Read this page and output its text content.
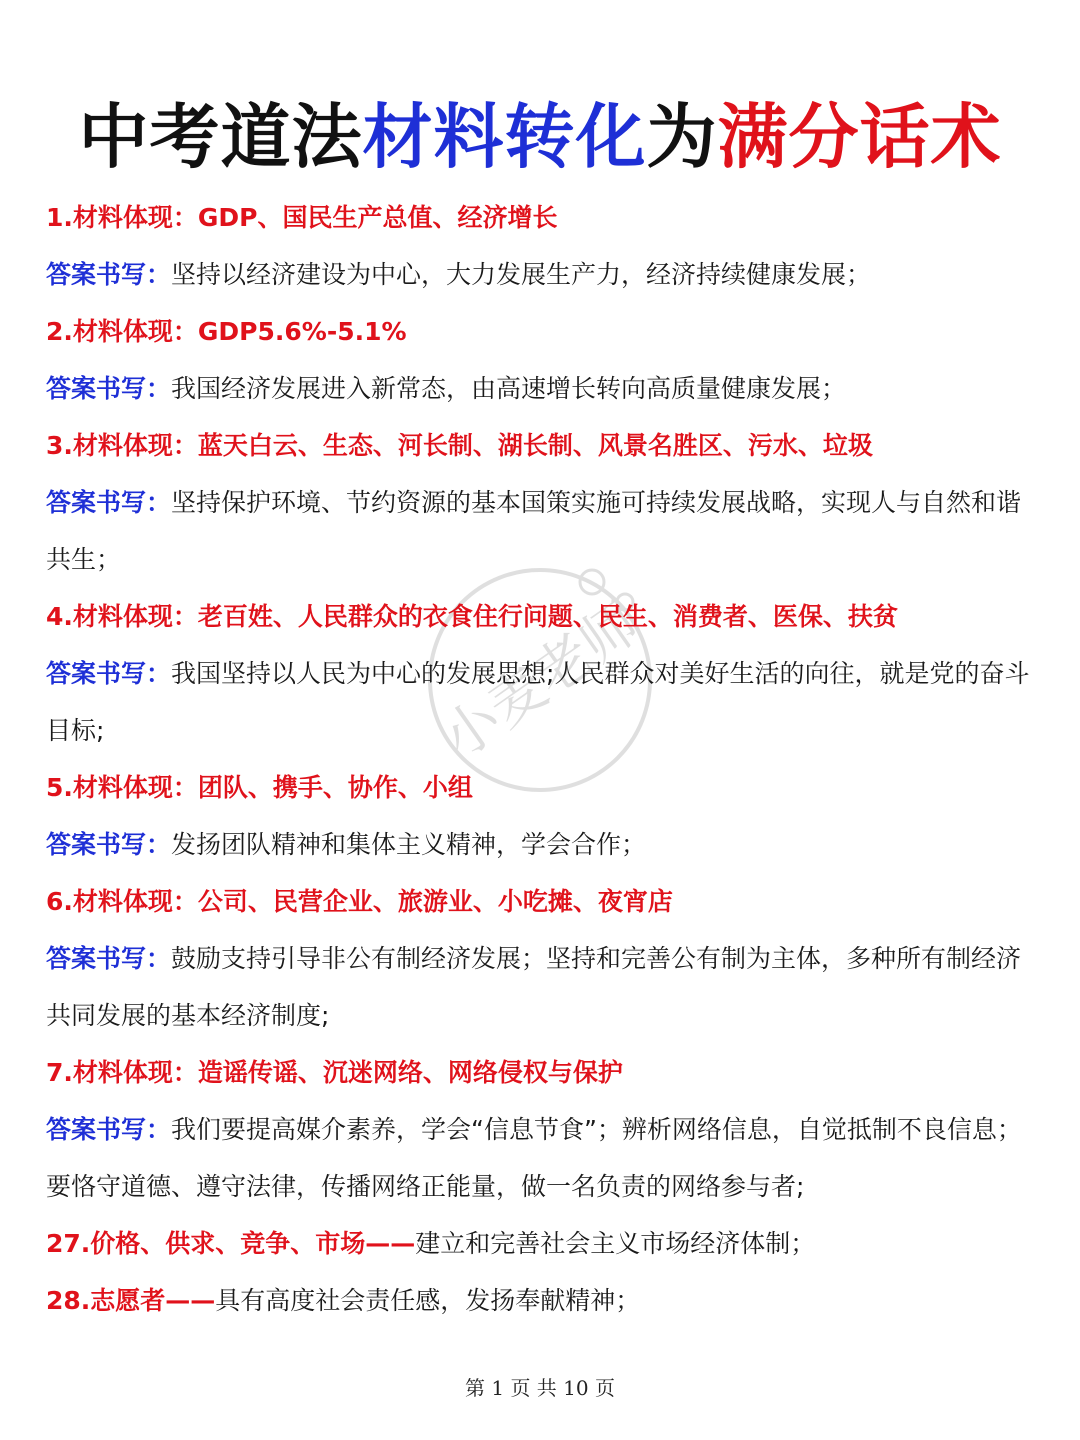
中考道法材料转化为满分话术
小麦老师
1.材料体现：GDP、国民生产总值、经济增长
答案书写：坚持以经济建设为中心，大力发展生产力，经济持续健康发展；
2.材料体现：GDP5.6%-5.1%
答案书写：我国经济发展进入新常态，由高速增长转向高质量健康发展；
3.材料体现：蓝天白云、生态、河长制、湖长制、风景名胜区、污水、垃圾
答案书写：坚持保护环境、节约资源的基本国策实施可持续发展战略，实现人与自然和谐
共生；
4.材料体现：老百姓、人民群众的衣食住行问题、民生、消费者、医保、扶贫
答案书写：我国坚持以人民为中心的发展思想;人民群众对美好生活的向往，就是党的奋斗
目标;
5.材料体现：团队、携手、协作、小组
答案书写：发扬团队精神和集体主义精神，学会合作；
6.材料体现：公司、民营企业、旅游业、小吃摊、夜宵店
答案书写：鼓励支持引导非公有制经济发展；坚持和完善公有制为主体，多种所有制经济
共同发展的基本经济制度;
7.材料体现：造谣传谣、沉迷网络、网络侵权与保护
答案书写：我们要提高媒介素养，学会“信息节食”；辨析网络信息，自觉抵制不良信息；
要恪守道德、遵守法律，传播网络正能量，做一名负责的网络参与者;
27.价格、供求、竞争、市场——建立和完善社会主义市场经济体制；
28.志愿者——具有高度社会责任感，发扬奉献精神；
第 1 页 共 10 页
